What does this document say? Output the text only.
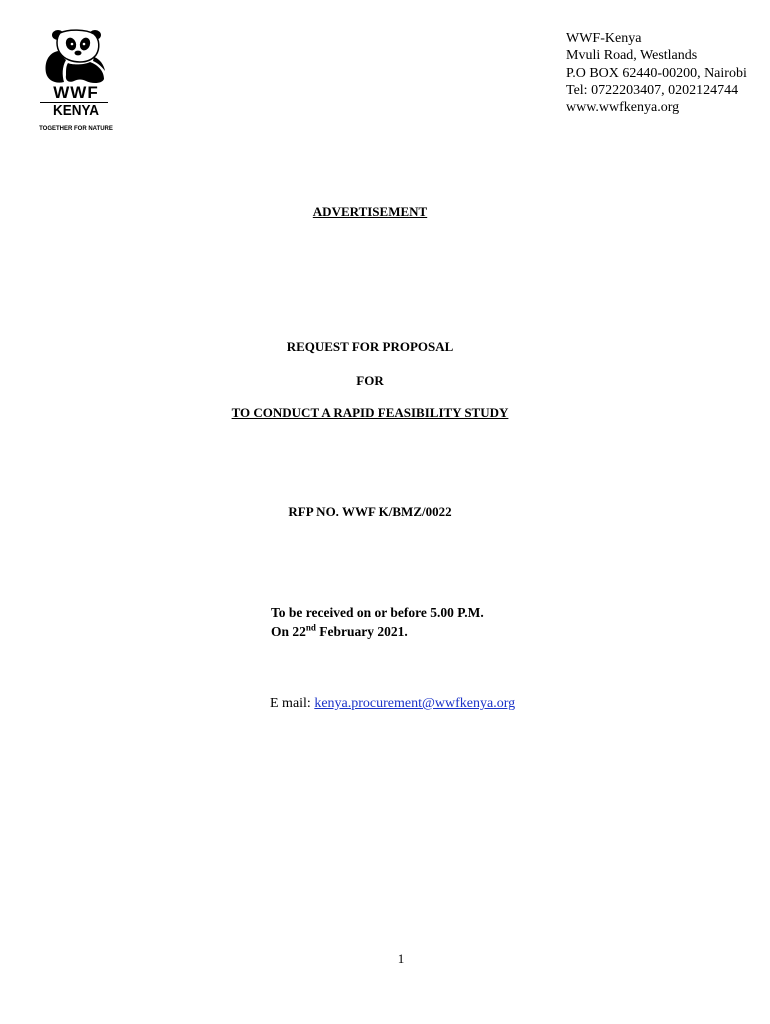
WWF
KENYA
TOGETHER FOR NATURE
WWF-Kenya
Mvuli Road, Westlands
P.O BOX 62440-00200, Nairobi
Tel: 0722203407, 0202124744
www.wwfkenya.org
ADVERTISEMENT
REQUEST FOR PROPOSAL
FOR
TO CONDUCT A RAPID FEASIBILITY STUDY
RFP NO. WWF K/BMZ/0022
To be received on or before 5.00 P.M.
On 22nd February 2021.
E mail: kenya.procurement@wwfkenya.org
1
